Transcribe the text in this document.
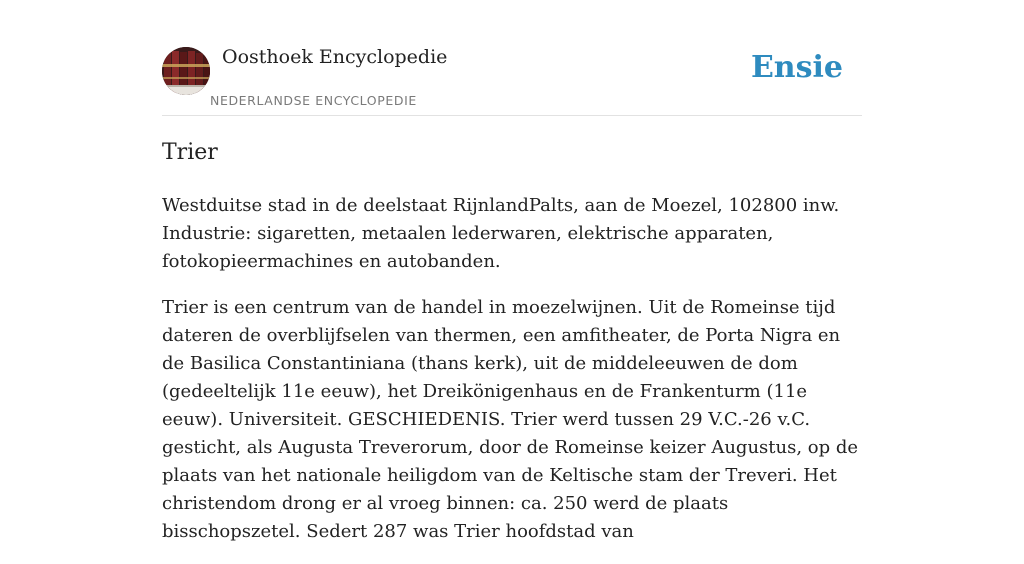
Oosthoek Encyclopedie
NEDERLANDSE ENCYCLOPEDIE
Ensie
Trier

Westduitse stad in de deelstaat RijnlandPalts, aan de Moezel, 102800 inw. Industrie: sigaretten, metaalen lederwaren, elektrische apparaten, fotokopieermachines en autobanden.

Trier is een centrum van de handel in moezelwijnen. Uit de Romeinse tijd dateren de overblijfselen van thermen, een amfitheater, de Porta Nigra en de Basilica Constantiniana (thans kerk), uit de middeleeuwen de dom (gedeeltelijk 11e eeuw), het Dreikönigenhaus en de Frankenturm (11e eeuw). Universiteit. GESCHIEDENIS. Trier werd tussen 29 V.C.-26 v.C. gesticht, als Augusta Treverorum, door de Romeinse keizer Augustus, op de plaats van het nationale heiligdom van de Keltische stam der Treveri. Het christendom drong er al vroeg binnen: ca. 250 werd de plaats bisschopszetel. Sedert 287 was Trier hoofdstad van
